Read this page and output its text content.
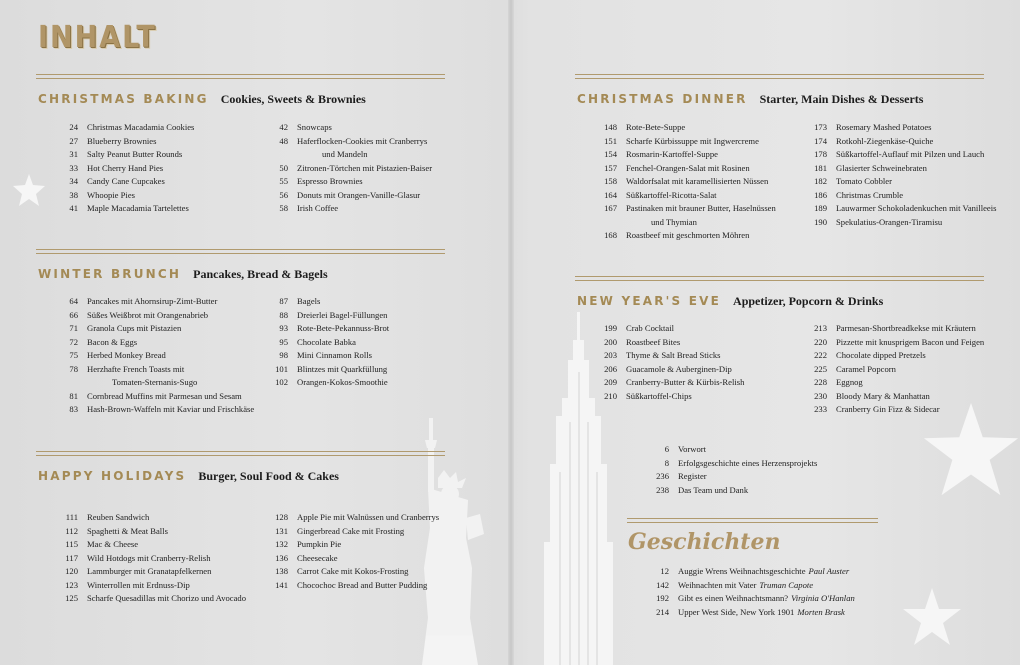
INHALT
CHRISTMAS BAKING Cookies, Sweets & Brownies
24	Christmas Macadamia Cookies
27	Blueberry Brownies
31	Salty Peanut Butter Rounds
33	Hot Cherry Hand Pies
34	Candy Cane Cupcakes
38	Whoopie Pies
41	Maple Macadamia Tartelettes
42	Snowcaps
48	Haferflocken-Cookies mit Cranberrys
und Mandeln
50	Zitronen-Törtchen mit Pistazien-Baiser
55	Espresso Brownies
56	Donuts mit Orangen-Vanille-Glasur
58	Irish Coffee
WINTER BRUNCH Pancakes, Bread & Bagels
64	Pancakes mit Ahornsirup-Zimt-Butter
66	Süßes Weißbrot mit Orangenabrieb
71	Granola Cups mit Pistazien
72	Bacon & Eggs
75	Herbed Monkey Bread
78	Herzhafte French Toasts mit
Tomaten-Sternanis-Sugo
81	Cornbread Muffins mit Parmesan und Sesam
83	Hash-Brown-Waffeln mit Kaviar und Frischkäse
87	Bagels
88	Dreierlei Bagel-Füllungen
93	Rote-Bete-Pekannuss-Brot
95	Chocolate Babka
98	Mini Cinnamon Rolls
101	Blintzes mit Quarkfüllung
102	Orangen-Kokos-Smoothie
HAPPY HOLIDAYS Burger, Soul Food & Cakes
111	Reuben Sandwich
112	Spaghetti & Meat Balls
115	Mac & Cheese
117	Wild Hotdogs mit Cranberry-Relish
120	Lammburger mit Granatapfelkernen
123	Winterrollen mit Erdnuss-Dip
125	Scharfe Quesadillas mit Chorizo und Avocado
128	Apple Pie mit Walnüssen und Cranberrys
131	Gingerbread Cake mit Frosting
132	Pumpkin Pie
136	Cheesecake
138	Carrot Cake mit Kokos-Frosting
141	Chocochoc Bread and Butter Pudding
CHRISTMAS DINNER Starter, Main Dishes & Desserts
148	Rote-Bete-Suppe
151	Scharfe Kürbissuppe mit Ingwercreme
154	Rosmarin-Kartoffel-Suppe
157	Fenchel-Orangen-Salat mit Rosinen
158	Waldorfsalat mit karamellisierten Nüssen
164	Süßkartoffel-Ricotta-Salat
167	Pastinaken mit brauner Butter, Haselnüssen
und Thymian
168	Roastbeef mit geschmorten Möhren
173	Rosemary Mashed Potatoes
174	Rotkohl-Ziegenkäse-Quiche
178	Süßkartoffel-Auflauf mit Pilzen und Lauch
181	Glasierter Schweinebraten
182	Tomato Cobbler
186	Christmas Crumble
189	Lauwarmer Schokoladenkuchen mit Vanilleeis
190	Spekulatius-Orangen-Tiramisu
NEW YEAR'S EVE Appetizer, Popcorn & Drinks
199	Crab Cocktail
200	Roastbeef Bites
203	Thyme & Salt Bread Sticks
206	Guacamole & Auberginen-Dip
209	Cranberry-Butter & Kürbis-Relish
210	Süßkartoffel-Chips
213	Parmesan-Shortbreadkekse mit Kräutern
220	Pizzette mit knusprigem Bacon und Feigen
222	Chocolate dipped Pretzels
225	Caramel Popcorn
228	Eggnog
230	Bloody Mary & Manhattan
233	Cranberry Gin Fizz & Sidecar
6	Vorwort
8	Erfolgsgeschichte eines Herzensprojekts
236	Register
238	Das Team und Dank
Geschichten
12	Auggie Wrens Weihnachtsgeschichte Paul Auster
142	Weihnachten mit Vater Truman Capote
192	Gibt es einen Weihnachtsmann? Virginia O'Hanlan
214	Upper West Side, New York 1901 Morten Brask
